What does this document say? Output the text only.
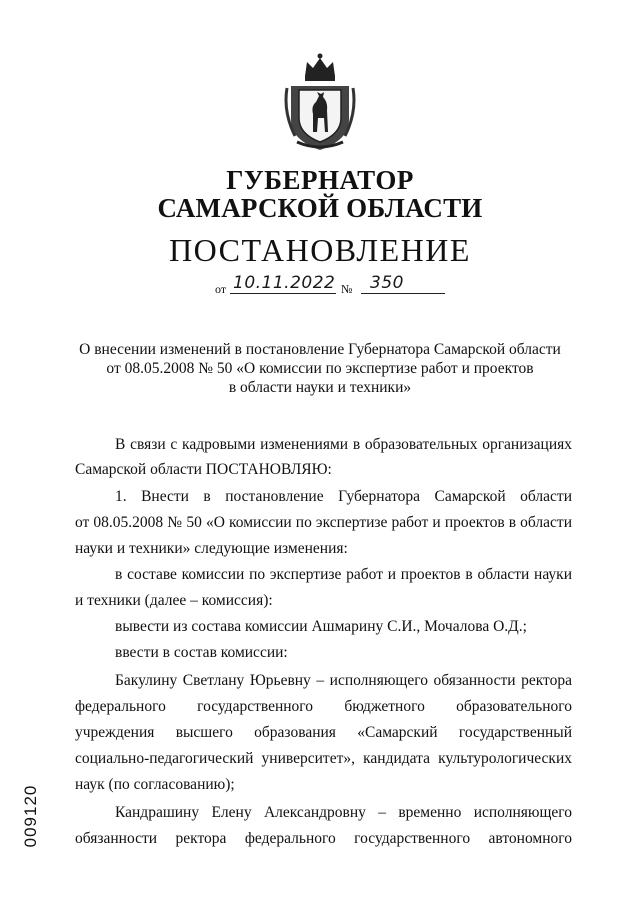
ГУБЕРНАТОР
САМАРСКОЙ ОБЛАСТИ
ПОСТАНОВЛЕНИЕ
от 10.11.2022 № 350
О внесении изменений в постановление Губернатора Самарской области
от 08.05.2008 № 50 «О комиссии по экспертизе работ и проектов
в области науки и техники»
В связи с кадровыми изменениями в образовательных организациях
Самарской области ПОСТАНОВЛЯЮ:
1. Внести в постановление Губернатора Самарской области
от 08.05.2008 № 50 «О комиссии по экспертизе работ и проектов в области
науки и техники» следующие изменения:
в составе комиссии по экспертизе работ и проектов в области науки
и техники (далее – комиссия):
вывести из состава комиссии Ашмарину С.И., Мочалова О.Д.;
ввести в состав комиссии:
Бакулину Светлану Юрьевну – исполняющего обязанности ректора
федерального государственного бюджетного образовательного
учреждения высшего образования «Самарский государственный
социально-педагогический университет», кандидата культурологических
наук (по согласованию);
Кандрашину Елену Александровну – временно исполняющего
обязанности ректора федерального государственного автономного
009120
